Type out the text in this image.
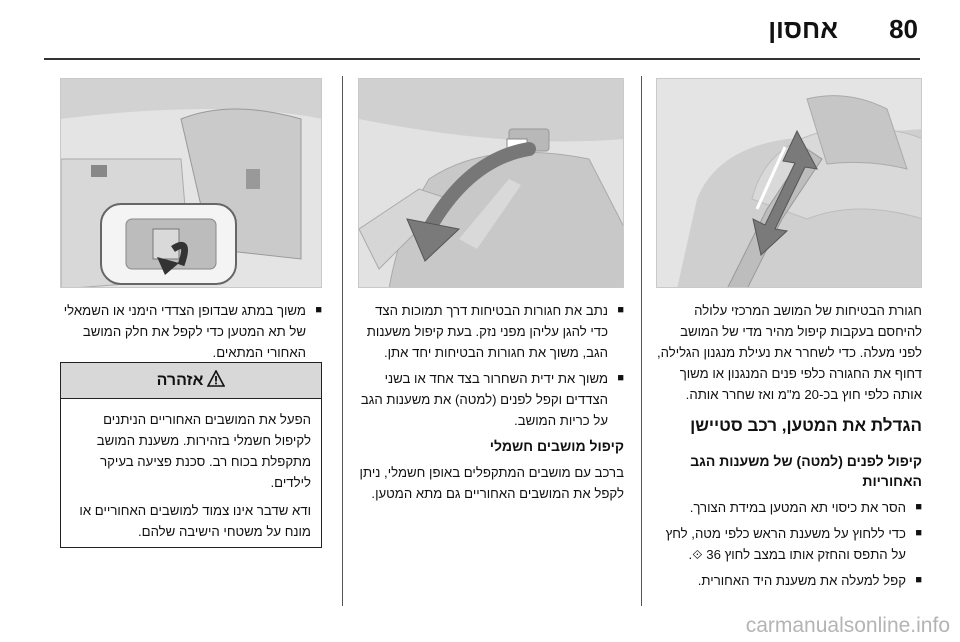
80
אחסון

חגורת הבטיחות של המושב המרכזי עלולה להיחסם בעקבות קיפול מהיר מדי של המושב לפני מעלה. כדי לשחרר את נעילת מנגנון הגלילה, דחוף את החגורה כלפי פנים המנגנון או משוך אותה כלפי חוץ בכ-20 מ"מ ואז שחרר אותה.

הגדלת את המטען, רכב סטיישן
קיפול לפנים (למטה) של משענות הגב האחוריות

■ הסר את כיסוי תא המטען במידת הצורך.

■ כדי ללחוץ על משענת הראש כלפי מטה, לחץ על התפס והחזק אותו במצב לחוץ 36 ⟐.

■ קפל למעלה את משענת היד האחורית.

■ נתב את חגורות הבטיחות דרך תמוכות הצד כדי להגן עליהן מפני נזק. בעת קיפול משענות הגב, משוך את חגורות הבטיחות יחד אתן.

■ משוך את ידית השחרור בצד אחד או בשני הצדדים וקפל לפנים (למטה) את משענות הגב על כריות המושב.

קיפול מושבים חשמלי

ברכב עם מושבים המתקפלים באופן חשמלי, ניתן לקפל את המושבים האחוריים גם מתא המטען.

■ משוך במתג שבדופן הצדדי הימני או השמאלי של תא המטען כדי לקפל את חלק המושב האחורי המתאים.

אזהרה

הפעל את המושבים האחוריים הניתנים לקיפול חשמלי בזהירות. משענת המושב מתקפלת בכוח רב. סכנת פציעה בעיקר לילדים.

ודא שדבר אינו צמוד למושבים האחוריים או מונח על משטחי הישיבה שלהם.

carmanualsonline.info
